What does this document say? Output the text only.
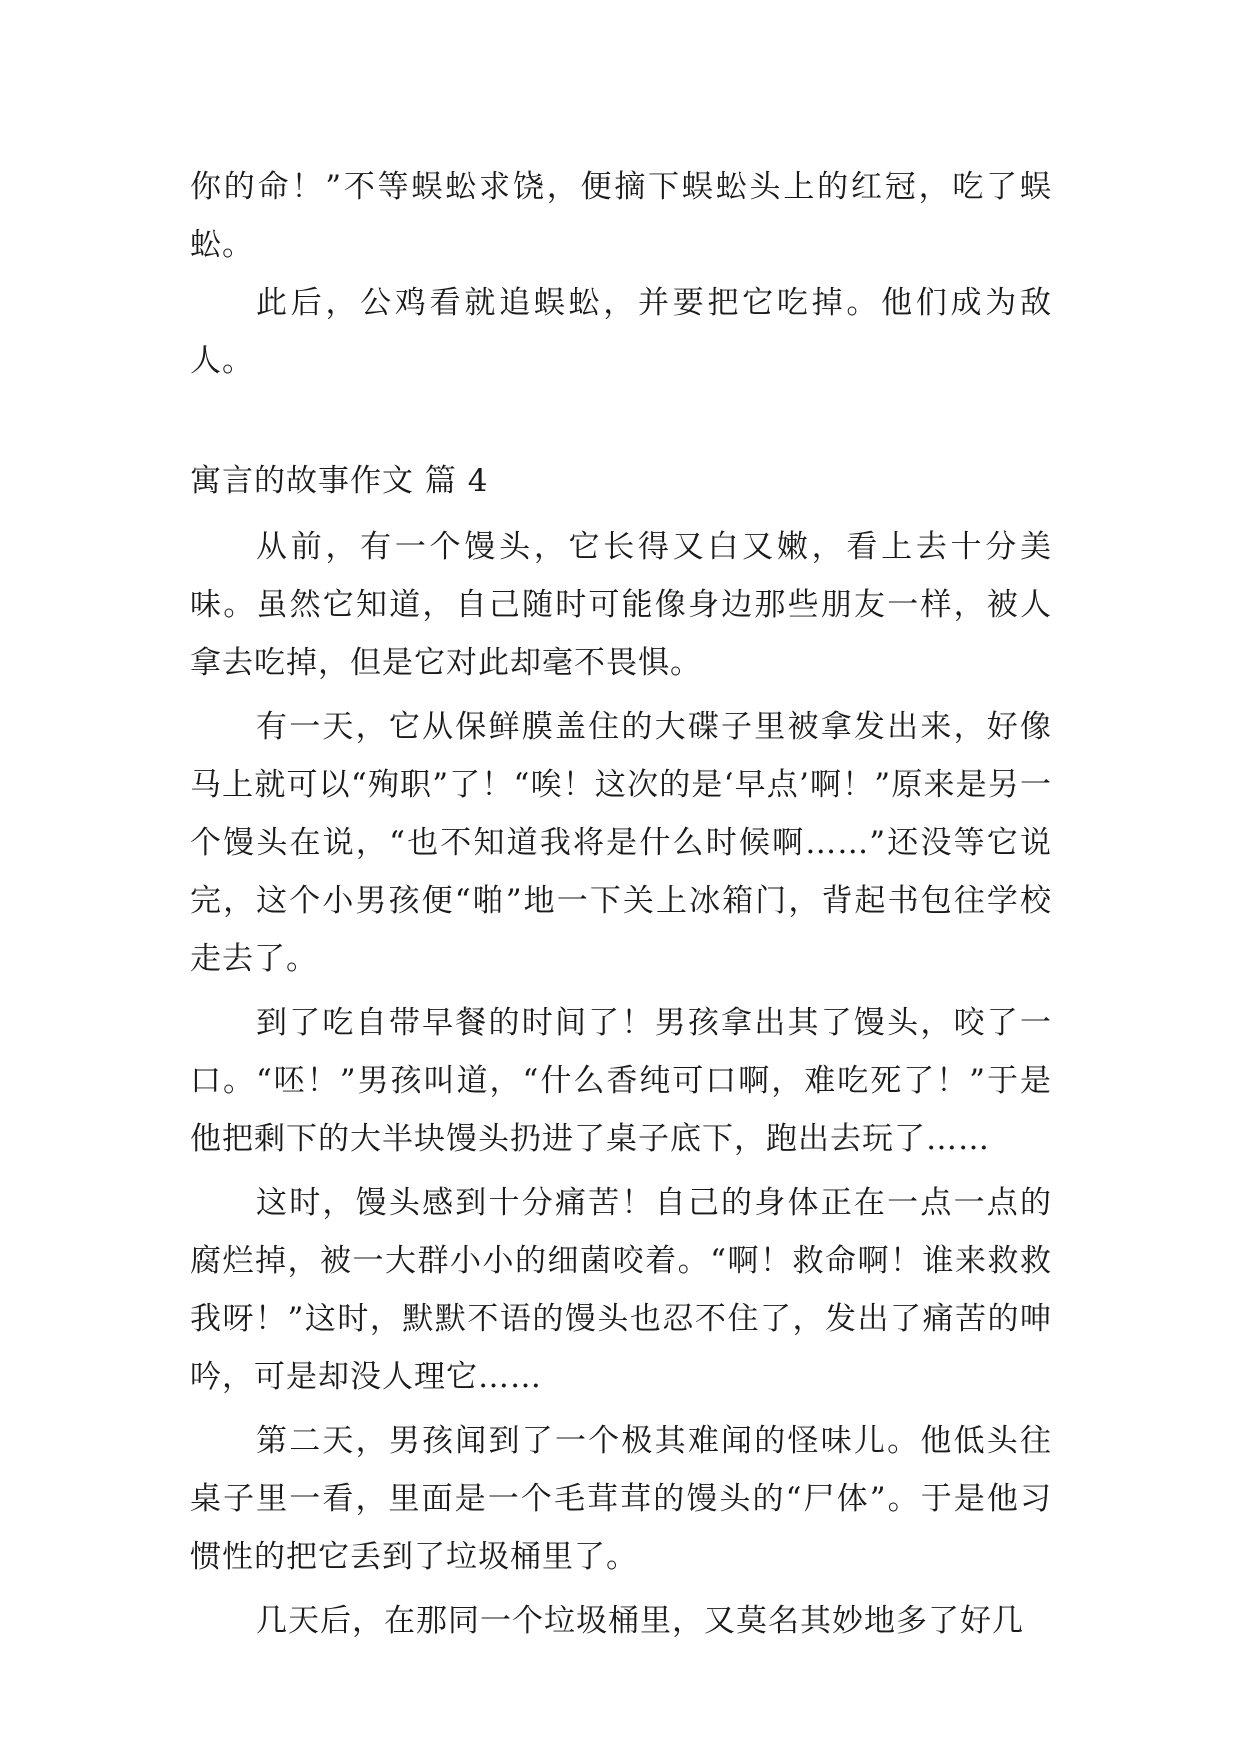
你的命！”不等蜈蚣求饶，便摘下蜈蚣头上的红冠，吃了蜈蚣。

此后，公鸡看就追蜈蚣，并要把它吃掉。他们成为敌人。

寓言的故事作文 篇 4

从前，有一个馒头，它长得又白又嫩，看上去十分美味。虽然它知道，自己随时可能像身边那些朋友一样，被人拿去吃掉，但是它对此却毫不畏惧。

有一天，它从保鲜膜盖住的大碟子里被拿发出来，好像马上就可以“殉职”了！“唉！这次的是‘早点’啊！”原来是另一个馒头在说，“也不知道我将是什么时候啊……”还没等它说完，这个小男孩便“啪”地一下关上冰箱门，背起书包往学校走去了。

到了吃自带早餐的时间了！男孩拿出其了馒头，咬了一口。“呸！”男孩叫道，“什么香纯可口啊，难吃死了！”于是他把剩下的大半块馒头扔进了桌子底下，跑出去玩了……

这时，馒头感到十分痛苦！自己的身体正在一点一点的腐烂掉，被一大群小小的细菌咬着。“啊！救命啊！谁来救救我呀！”这时，默默不语的馒头也忍不住了，发出了痛苦的呻吟，可是却没人理它……

第二天，男孩闻到了一个极其难闻的怪味儿。他低头往桌子里一看，里面是一个毛茸茸的馒头的“尸体”。于是他习惯性的把它丢到了垃圾桶里了。

几天后，在那同一个垃圾桶里，又莫名其妙地多了好几
